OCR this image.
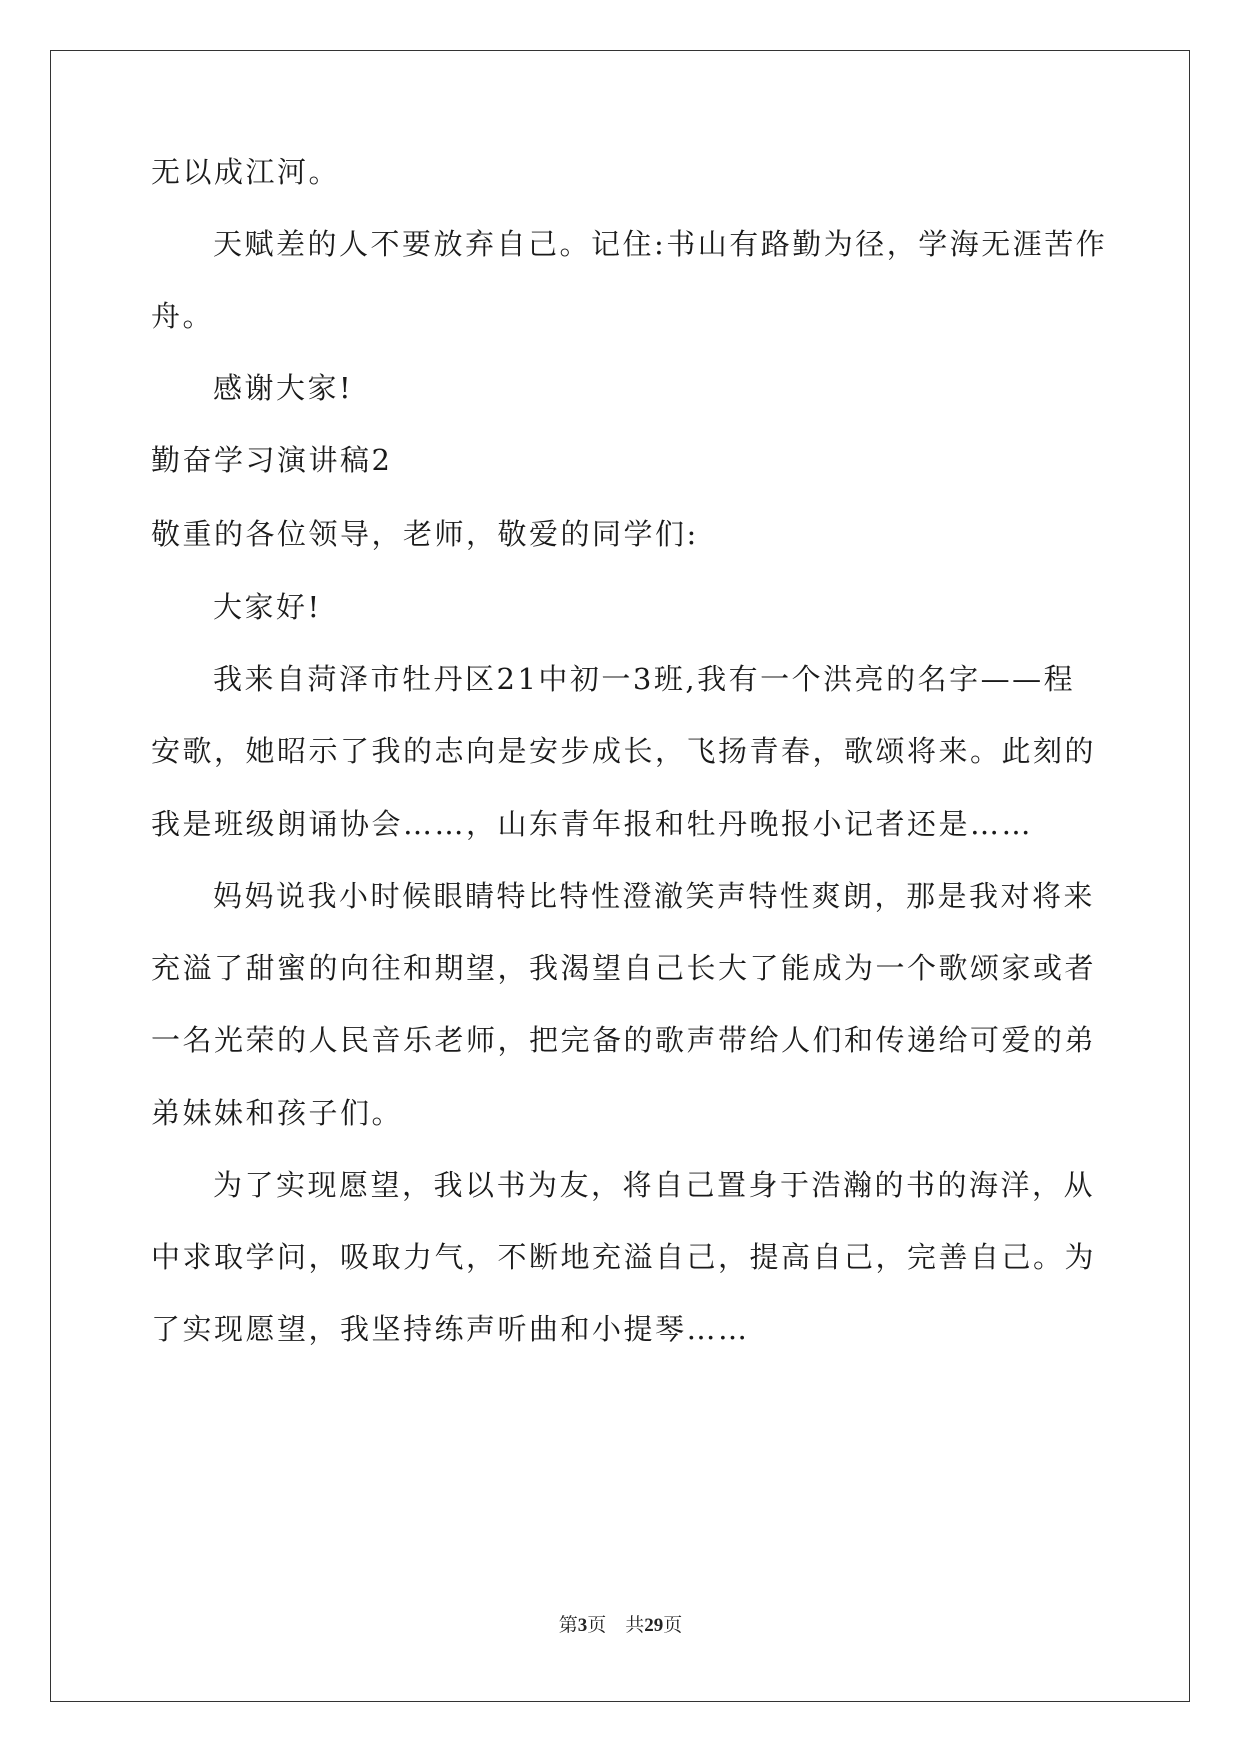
无以成江河。
天赋差的人不要放弃自己。记住:书山有路勤为径，学海无涯苦作
舟。
感谢大家!
勤奋学习演讲稿2
敬重的各位领导，老师，敬爱的同学们:
大家好!
我来自菏泽市牡丹区21中初一3班,我有一个洪亮的名字——程
安歌，她昭示了我的志向是安步成长，飞扬青春，歌颂将来。此刻的
我是班级朗诵协会……，山东青年报和牡丹晚报小记者还是……
妈妈说我小时候眼睛特比特性澄澈笑声特性爽朗，那是我对将来
充溢了甜蜜的向往和期望，我渴望自己长大了能成为一个歌颂家或者
一名光荣的人民音乐老师，把完备的歌声带给人们和传递给可爱的弟
弟妹妹和孩子们。
为了实现愿望，我以书为友，将自己置身于浩瀚的书的海洋，从
中求取学问，吸取力气，不断地充溢自己，提高自己，完善自己。为
了实现愿望，我坚持练声听曲和小提琴……
第3页　共29页
